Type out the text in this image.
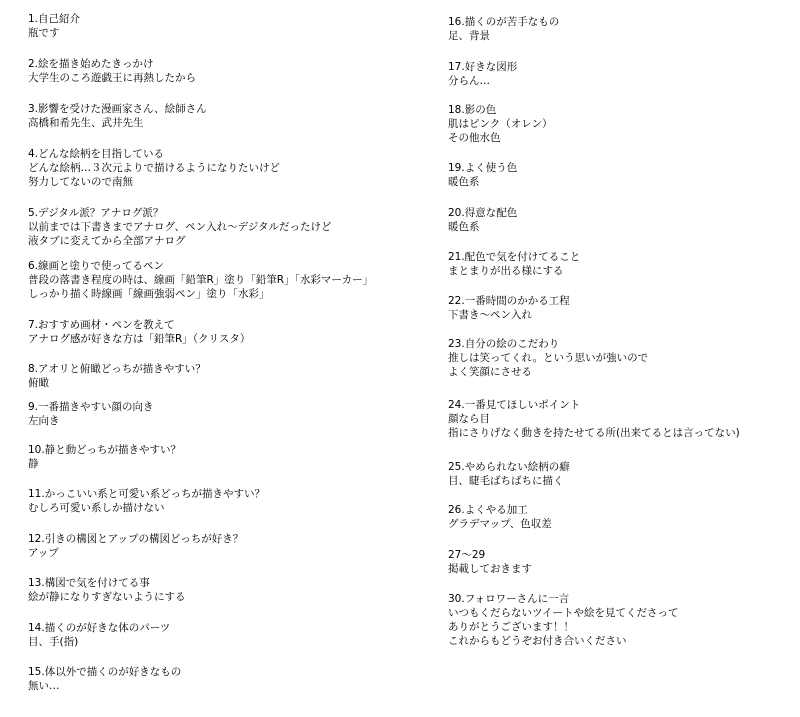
1.自己紹介
瓶です
2.絵を描き始めたきっかけ
大学生のころ遊戯王に再熱したから
3.影響を受けた漫画家さん、絵師さん
高橋和希先生、武井先生
4.どんな絵柄を目指している
どんな絵柄…３次元よりで描けるようになりたいけど
努力してないので南無
5.デジタル派？アナログ派？
以前までは下書きまでアナログ、ペン入れ〜デジタルだったけど
液タブに変えてから全部アナログ
6.線画と塗りで使ってるペン
普段の落書き程度の時は、線画「鉛筆R」塗り「鉛筆R」「水彩マーカー」
しっかり描く時線画「線画強弱ペン」塗り「水彩」
7.おすすめ画材・ペンを教えて
アナログ感が好きな方は「鉛筆R」（クリスタ）
8.アオリと俯瞰どっちが描きやすい？
俯瞰
9.一番描きやすい顔の向き
左向き
10.静と動どっちが描きやすい？
静
11.かっこいい系と可愛い系どっちが描きやすい？
むしろ可愛い系しか描けない
12.引きの構図とアップの構図どっちが好き？
アップ
13.構図で気を付けてる事
絵が静になりすぎないようにする
14.描くのが好きな体のパーツ
目、手(指)
15.体以外で描くのが好きなもの
無い…
16.描くのが苦手なもの
足、背景
17.好きな図形
分らん…
18.影の色
肌はピンク（オレン）
その他水色
19.よく使う色
暖色系
20.得意な配色
暖色系
21.配色で気を付けてること
まとまりが出る様にする
22.一番時間のかかる工程
下書き〜ペン入れ
23.自分の絵のこだわり
推しは笑ってくれ。という思いが強いので
よく笑顔にさせる
24.一番見てほしいポイント
顔なら目
指にさりげなく動きを持たせてる所(出来てるとは言ってない)
25.やめられない絵柄の癖
目、睫毛ばちばちに描く
26.よくやる加工
グラデマップ、色収差
27〜29
掲載しておきます
30.フォロワーさんに一言
いつもくだらないツイートや絵を見てくださって
ありがとうございます！！
これからもどうぞお付き合いください
